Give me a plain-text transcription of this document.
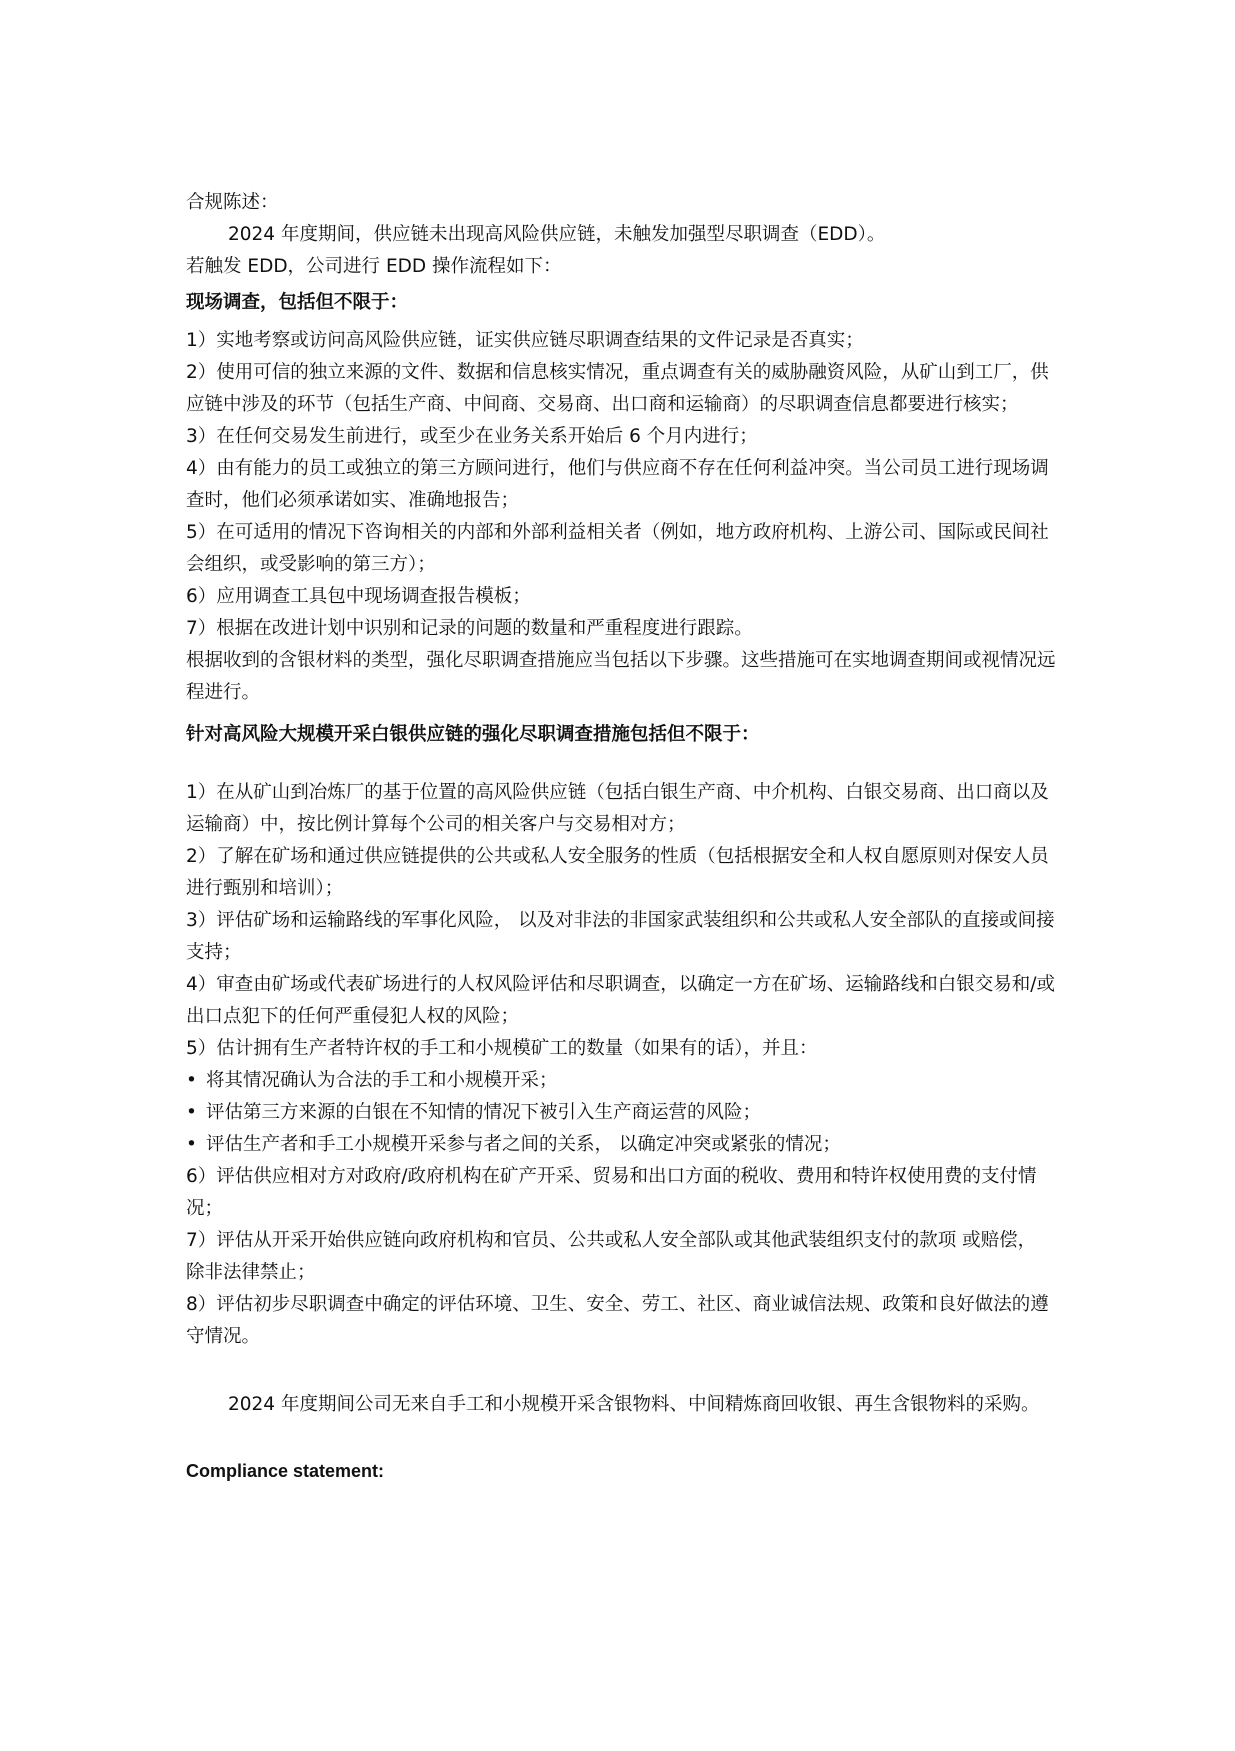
合规陈述：

2024 年度期间，供应链未出现高风险供应链，未触发加强型尽职调查（EDD）。

若触发 EDD，公司进行 EDD 操作流程如下：

现场调查，包括但不限于：

1）实地考察或访问高风险供应链，证实供应链尽职调查结果的文件记录是否真实；

2）使用可信的独立来源的文件、数据和信息核实情况，重点调查有关的威胁融资风险，从矿山到工厂，供应链中涉及的环节（包括生产商、中间商、交易商、出口商和运输商）的尽职调查信息都要进行核实；

3）在任何交易发生前进行，或至少在业务关系开始后 6 个月内进行；

4）由有能力的员工或独立的第三方顾问进行，他们与供应商不存在任何利益冲突。当公司员工进行现场调查时，他们必须承诺如实、准确地报告；

5）在可适用的情况下咨询相关的内部和外部利益相关者（例如，地方政府机构、上游公司、国际或民间社会组织，或受影响的第三方）；

6）应用调查工具包中现场调查报告模板；

7）根据在改进计划中识别和记录的问题的数量和严重程度进行跟踪。

根据收到的含银材料的类型，强化尽职调查措施应当包括以下步骤。这些措施可在实地调查期间或视情况远程进行。

针对高风险大规模开采白银供应链的强化尽职调查措施包括但不限于：

1）在从矿山到冶炼厂的基于位置的高风险供应链（包括白银生产商、中介机构、白银交易商、出口商以及运输商）中，按比例计算每个公司的相关客户与交易相对方；

2）了解在矿场和通过供应链提供的公共或私人安全服务的性质（包括根据安全和人权自愿原则对保安人员进行甄别和培训）；

3）评估矿场和运输路线的军事化风险， 以及对非法的非国家武装组织和公共或私人安全部队的直接或间接支持；

4）审查由矿场或代表矿场进行的人权风险评估和尽职调查，以确定一方在矿场、运输路线和白银交易和/或出口点犯下的任何严重侵犯人权的风险；

5）估计拥有生产者特许权的手工和小规模矿工的数量（如果有的话），并且：

• 将其情况确认为合法的手工和小规模开采；

• 评估第三方来源的白银在不知情的情况下被引入生产商运营的风险；

• 评估生产者和手工小规模开采参与者之间的关系， 以确定冲突或紧张的情况；

6）评估供应相对方对政府/政府机构在矿产开采、贸易和出口方面的税收、费用和特许权使用费的支付情况；

7）评估从开采开始供应链向政府机构和官员、公共或私人安全部队或其他武装组织支付的款项 或赔偿， 除非法律禁止；

8）评估初步尽职调查中确定的评估环境、卫生、安全、劳工、社区、商业诚信法规、政策和良好做法的遵守情况。

2024 年度期间公司无来自手工和小规模开采含银物料、中间精炼商回收银、再生含银物料的采购。

Compliance statement:
